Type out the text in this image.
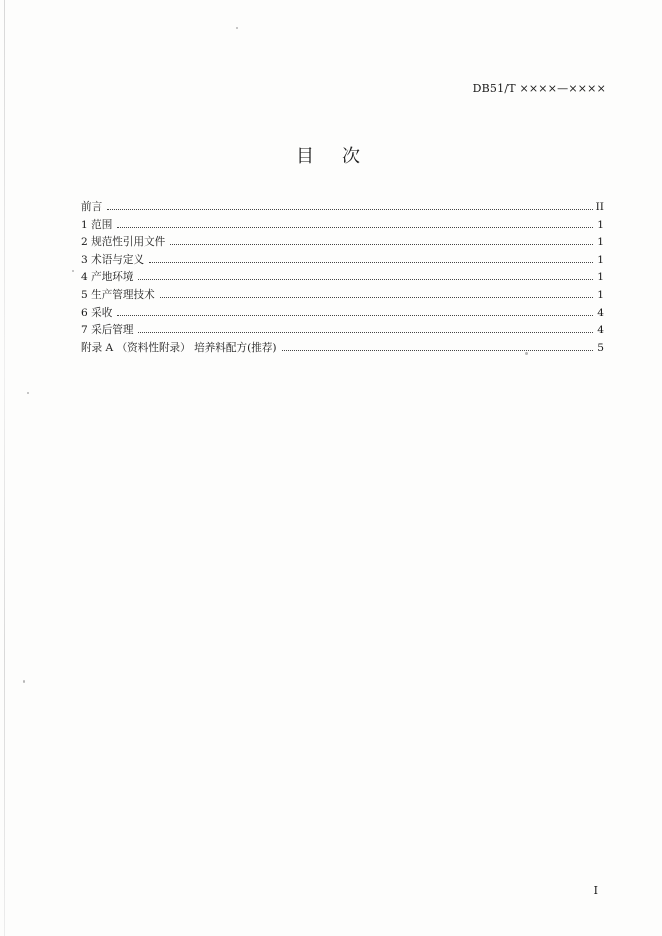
DB51/T ××××—××××
目次
前言	II
1 范围	1
2 规范性引用文件	1
3 术语与定义	1
4 产地环境	1
5 生产管理技术	1
6 采收	4
7 采后管理	4
附录 A （资料性附录） 培养料配方(推荐)	5
I
